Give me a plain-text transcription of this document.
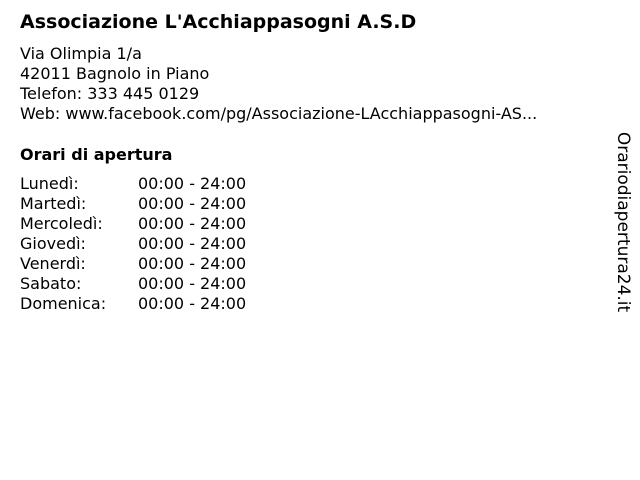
Associazione L'Acchiappasogni A.S.D
Via Olimpia 1/a
42011 Bagnolo in Piano
Telefon: 333 445 0129
Web: www.facebook.com/pg/Associazione-LAcchiappasogni-AS...
Orari di apertura
Lunedì:	00:00 - 24:00
Martedì:	00:00 - 24:00
Mercoledì: 00:00 - 24:00
Giovedì:	00:00 - 24:00
Venerdì:	00:00 - 24:00
Sabato:	00:00 - 24:00
Domenica: 00:00 - 24:00	Orariodiapertura24.it
